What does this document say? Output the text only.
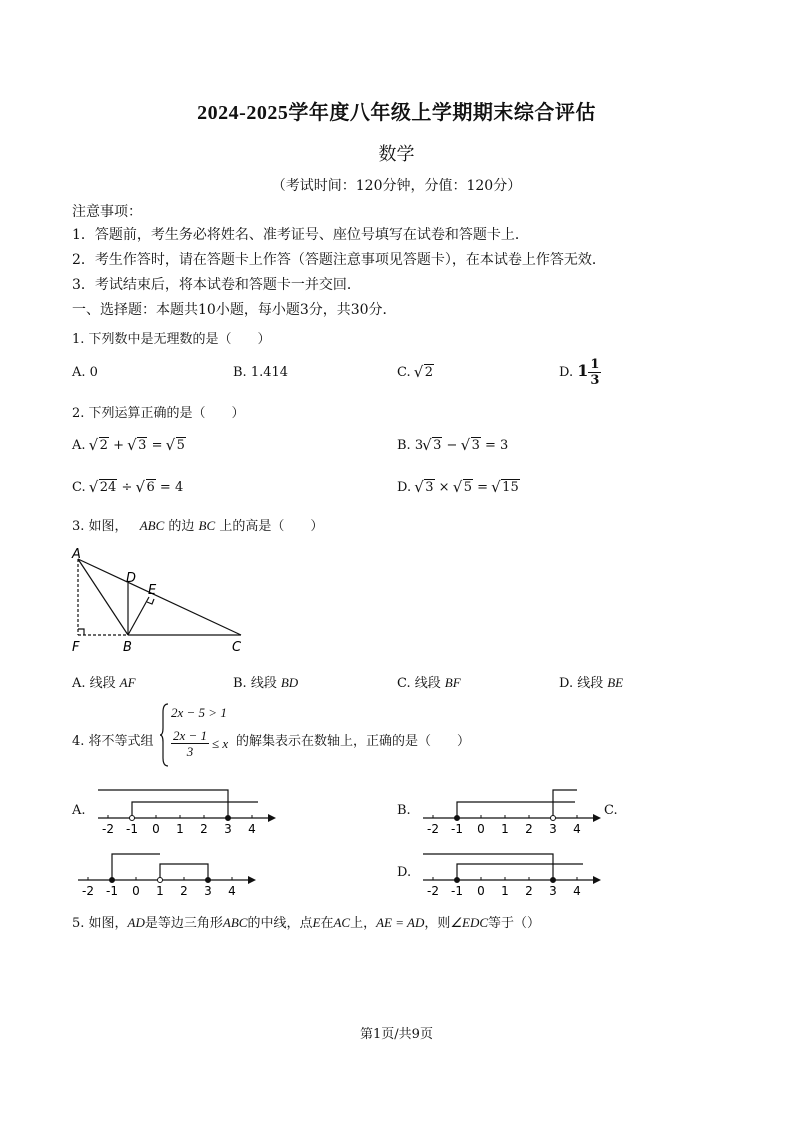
2024-2025学年度八年级上学期期末综合评估
数学
（考试时间：120分钟，分值：120分）
注意事项：
1．答题前，考生务必将姓名、准考证号、座位号填写在试卷和答题卡上．
2．考生作答时，请在答题卡上作答（答题注意事项见答题卡），在本试卷上作答无效．
3．考试结束后，将本试卷和答题卡一并交回．
一、选择题：本题共10小题，每小题3分，共30分．
1. 下列数中是无理数的是（　　）
A. 0	B. 1.414	C. √ 2	D. $1 \frac{1}{3}$
2. 下列运算正确的是（　　）
A. √ 2 + √ 3 = √ 5	B. 3 √ 3 − √ 3 = 3
C. √ 24 ÷ √ 6 = 4	D. √ 3 × √ 5 = √ 15
3. 如图， ABC 的边 BC 上的高是（　　）
A
D
E
F	B	C
A. 线段 AF	B. 线段 BD	C. 线段 BF	D. 线段 BE
4. 将不等式组
2x − 5 > 1
$\frac{2x - 1}{3} \le x$ 的解集表示在数轴上，正确的是（　　）
A.
-2 -1 0 1 2 3 4
B.
-2 -1 0 1 2 3 4
C.
-2 -1 0 1 2 3 4
D.
-2 -1 0 1 2 3 4
5. 如图，AD是等边三角形ABC的中线，点E在AC上，AE = AD，则∠EDC等于（）
第1页/共9页
